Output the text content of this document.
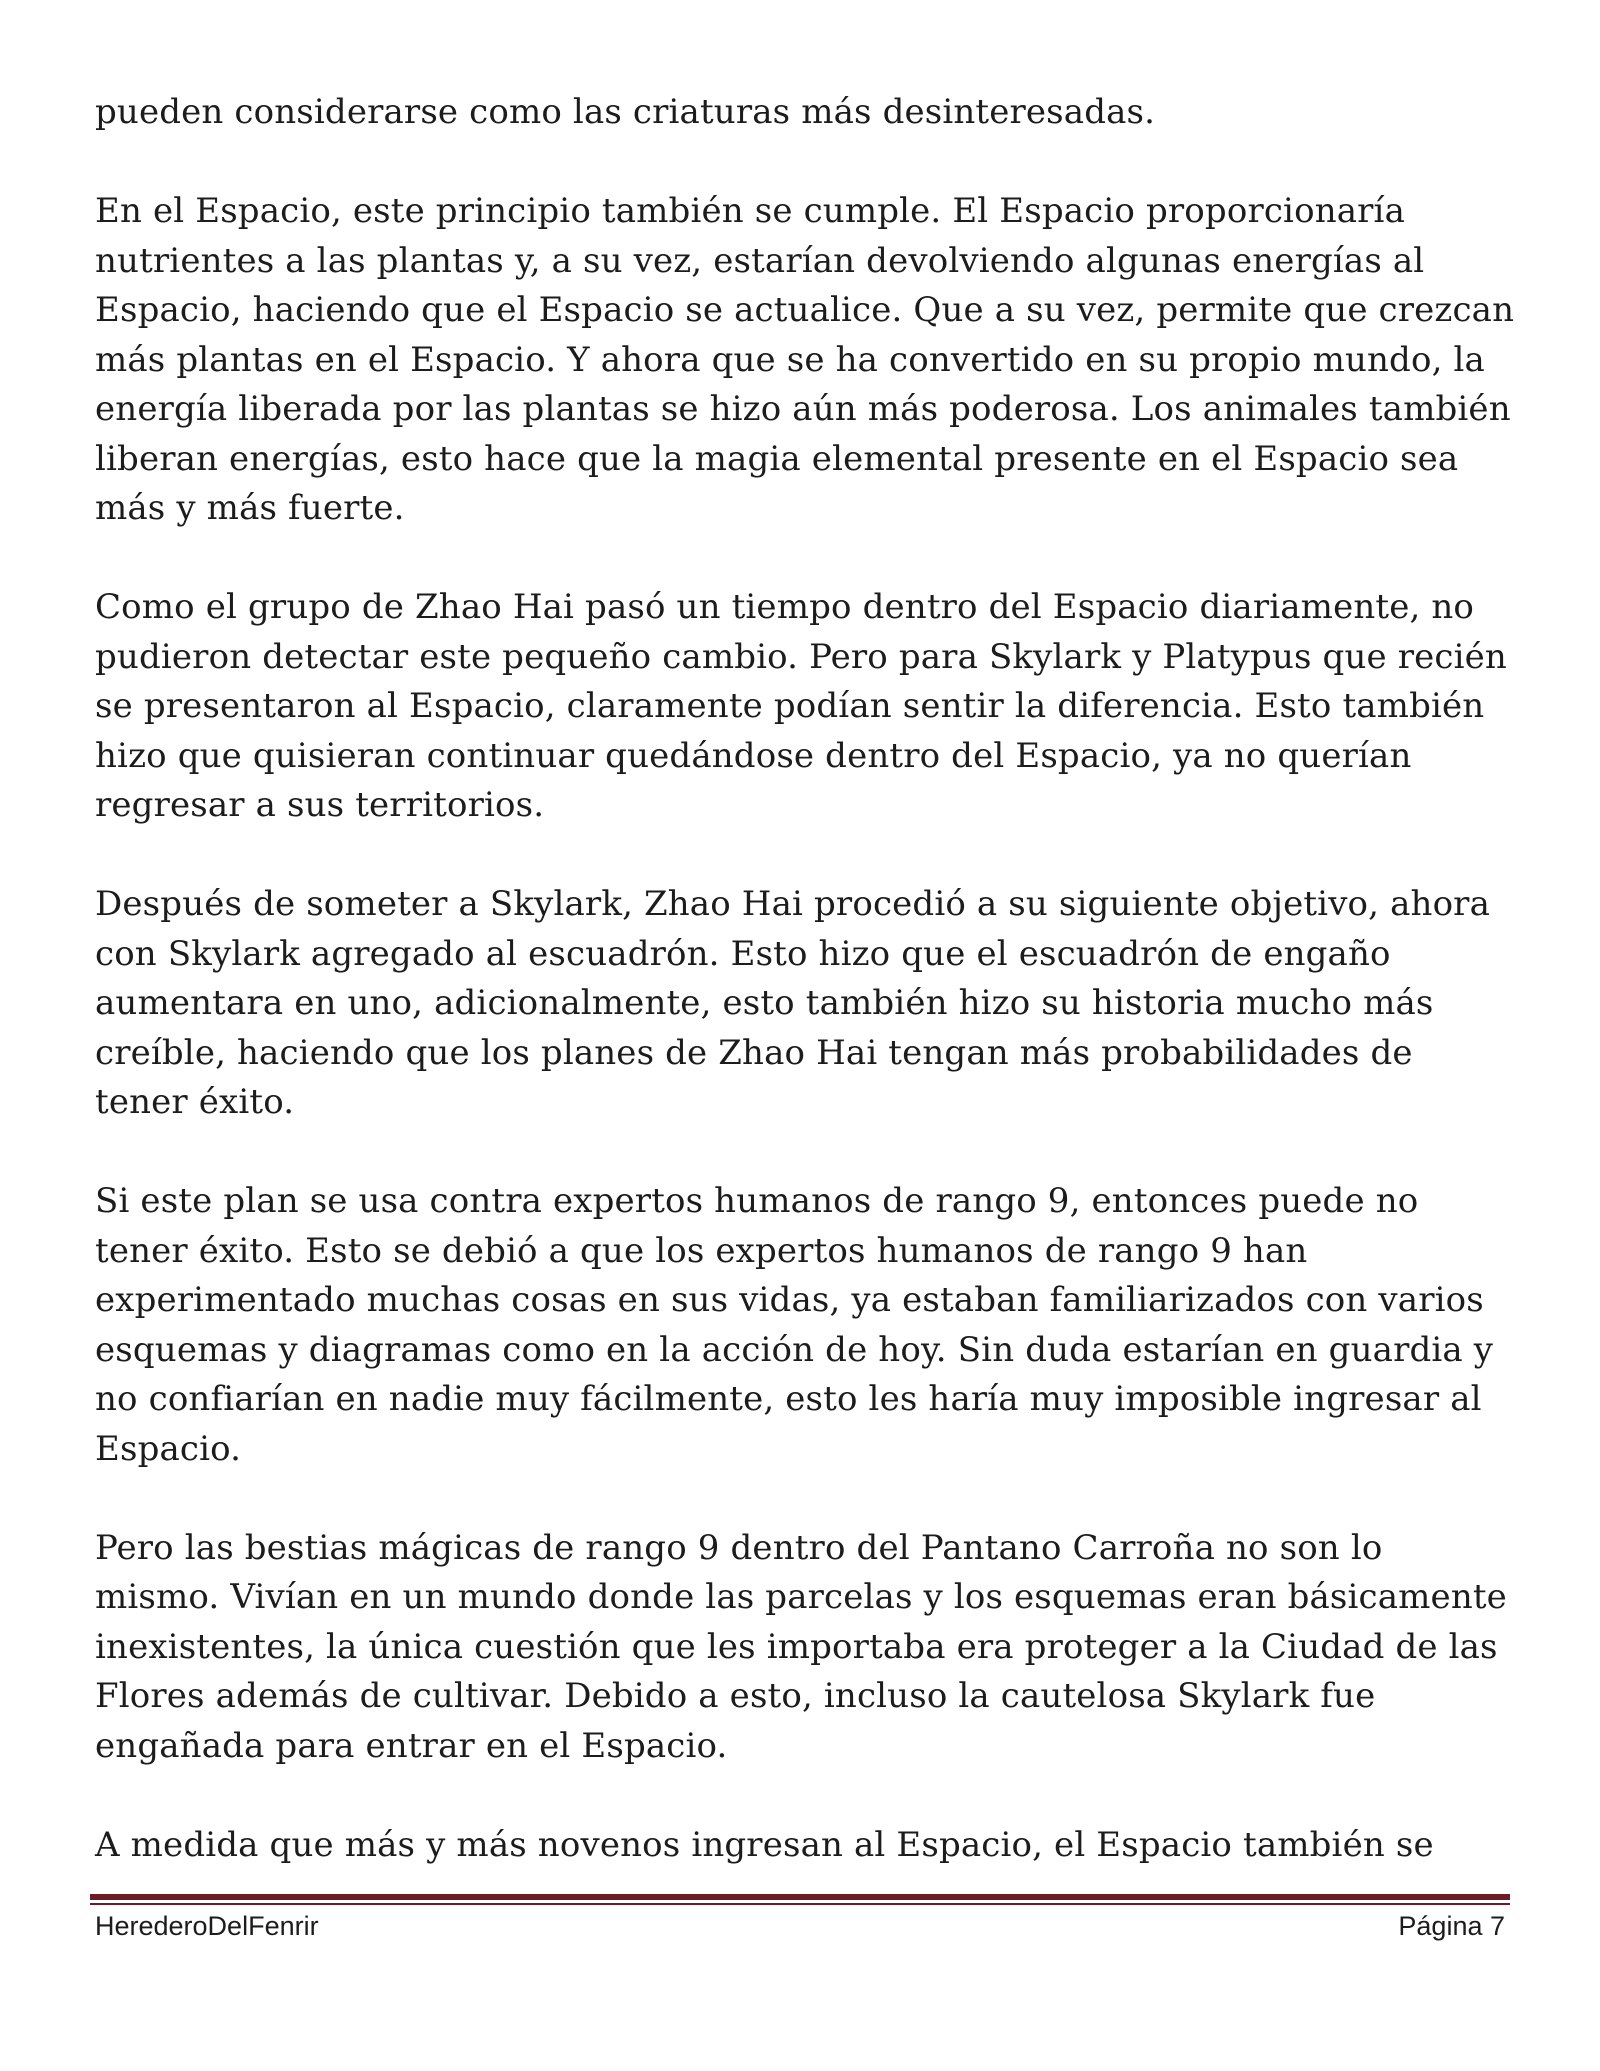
pueden considerarse como las criaturas más desinteresadas.

En el Espacio, este principio también se cumple. El Espacio proporcionaría nutrientes a las plantas y, a su vez, estarían devolviendo algunas energías al Espacio, haciendo que el Espacio se actualice. Que a su vez, permite que crezcan más plantas en el Espacio. Y ahora que se ha convertido en su propio mundo, la energía liberada por las plantas se hizo aún más poderosa. Los animales también liberan energías, esto hace que la magia elemental presente en el Espacio sea más y más fuerte.

Como el grupo de Zhao Hai pasó un tiempo dentro del Espacio diariamente, no pudieron detectar este pequeño cambio. Pero para Skylark y Platypus que recién se presentaron al Espacio, claramente podían sentir la diferencia. Esto también hizo que quisieran continuar quedándose dentro del Espacio, ya no querían regresar a sus territorios.

Después de someter a Skylark, Zhao Hai procedió a su siguiente objetivo, ahora con Skylark agregado al escuadrón. Esto hizo que el escuadrón de engaño aumentara en uno, adicionalmente, esto también hizo su historia mucho más creíble, haciendo que los planes de Zhao Hai tengan más probabilidades de tener éxito.

Si este plan se usa contra expertos humanos de rango 9, entonces puede no tener éxito. Esto se debió a que los expertos humanos de rango 9 han experimentado muchas cosas en sus vidas, ya estaban familiarizados con varios esquemas y diagramas como en la acción de hoy. Sin duda estarían en guardia y no confiarían en nadie muy fácilmente, esto les haría muy imposible ingresar al Espacio.

Pero las bestias mágicas de rango 9 dentro del Pantano Carroña no son lo mismo. Vivían en un mundo donde las parcelas y los esquemas eran básicamente inexistentes, la única cuestión que les importaba era proteger a la Ciudad de las Flores además de cultivar. Debido a esto, incluso la cautelosa Skylark fue engañada para entrar en el Espacio.

A medida que más y más novenos ingresan al Espacio, el Espacio también se

HerederoDelFenrir	Página 7
